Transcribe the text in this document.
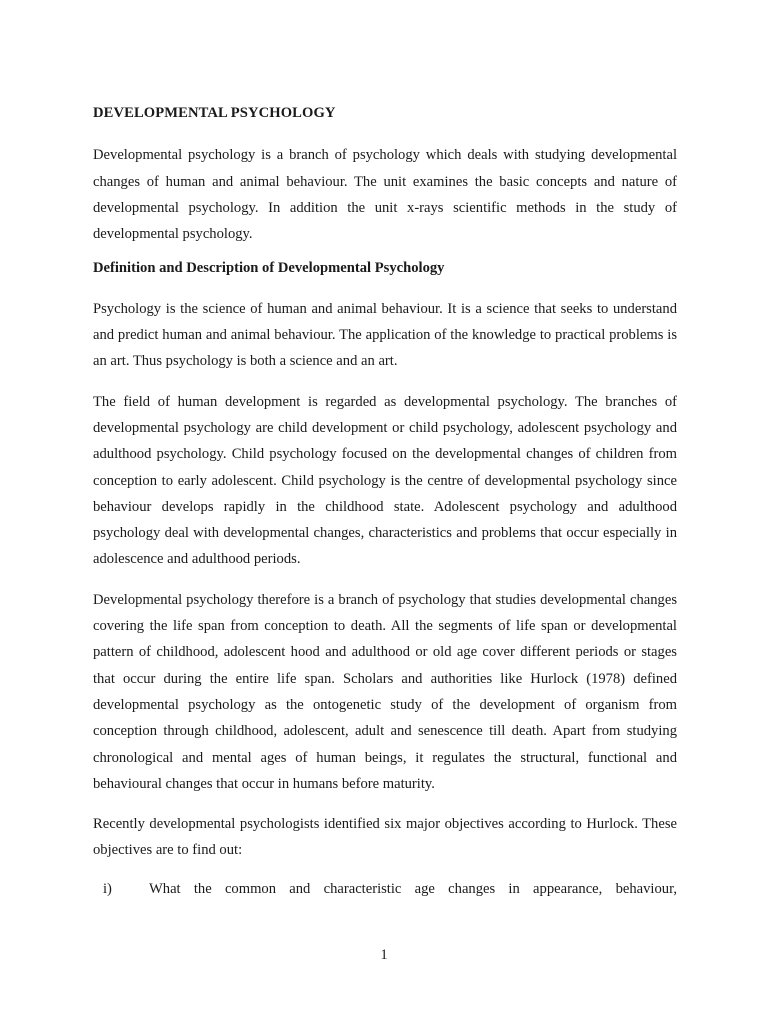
DEVELOPMENTAL PSYCHOLOGY

Developmental psychology is a branch of psychology which deals with studying developmental changes of human and animal behaviour. The unit examines the basic concepts and nature of developmental psychology. In addition the unit x-rays scientific methods in the study of developmental psychology.

Definition and Description of Developmental Psychology

Psychology is the science of human and animal behaviour. It is a science that seeks to understand and predict human and animal behaviour. The application of the knowledge to practical problems is an art. Thus psychology is both a science and an art.

The field of human development is regarded as developmental psychology. The branches of developmental psychology are child development or child psychology, adolescent psychology and adulthood psychology. Child psychology focused on the developmental changes of children from conception to early adolescent. Child psychology is the centre of developmental psychology since behaviour develops rapidly in the childhood state. Adolescent psychology and adulthood psychology deal with developmental changes, characteristics and problems that occur especially in adolescence and adulthood periods.

Developmental psychology therefore is a branch of psychology that studies developmental changes covering the life span from conception to death. All the segments of life span or developmental pattern of childhood, adolescent hood and adulthood or old age cover different periods or stages that occur during the entire life span. Scholars and authorities like Hurlock (1978) defined developmental psychology as the ontogenetic study of the development of organism from conception through childhood, adolescent, adult and senescence till death. Apart from studying chronological and mental ages of human beings, it regulates the structural, functional and behavioural changes that occur in humans before maturity.

Recently developmental psychologists identified six major objectives according to Hurlock. These objectives are to find out:

i)	What the common and characteristic age changes in appearance, behaviour,
1
